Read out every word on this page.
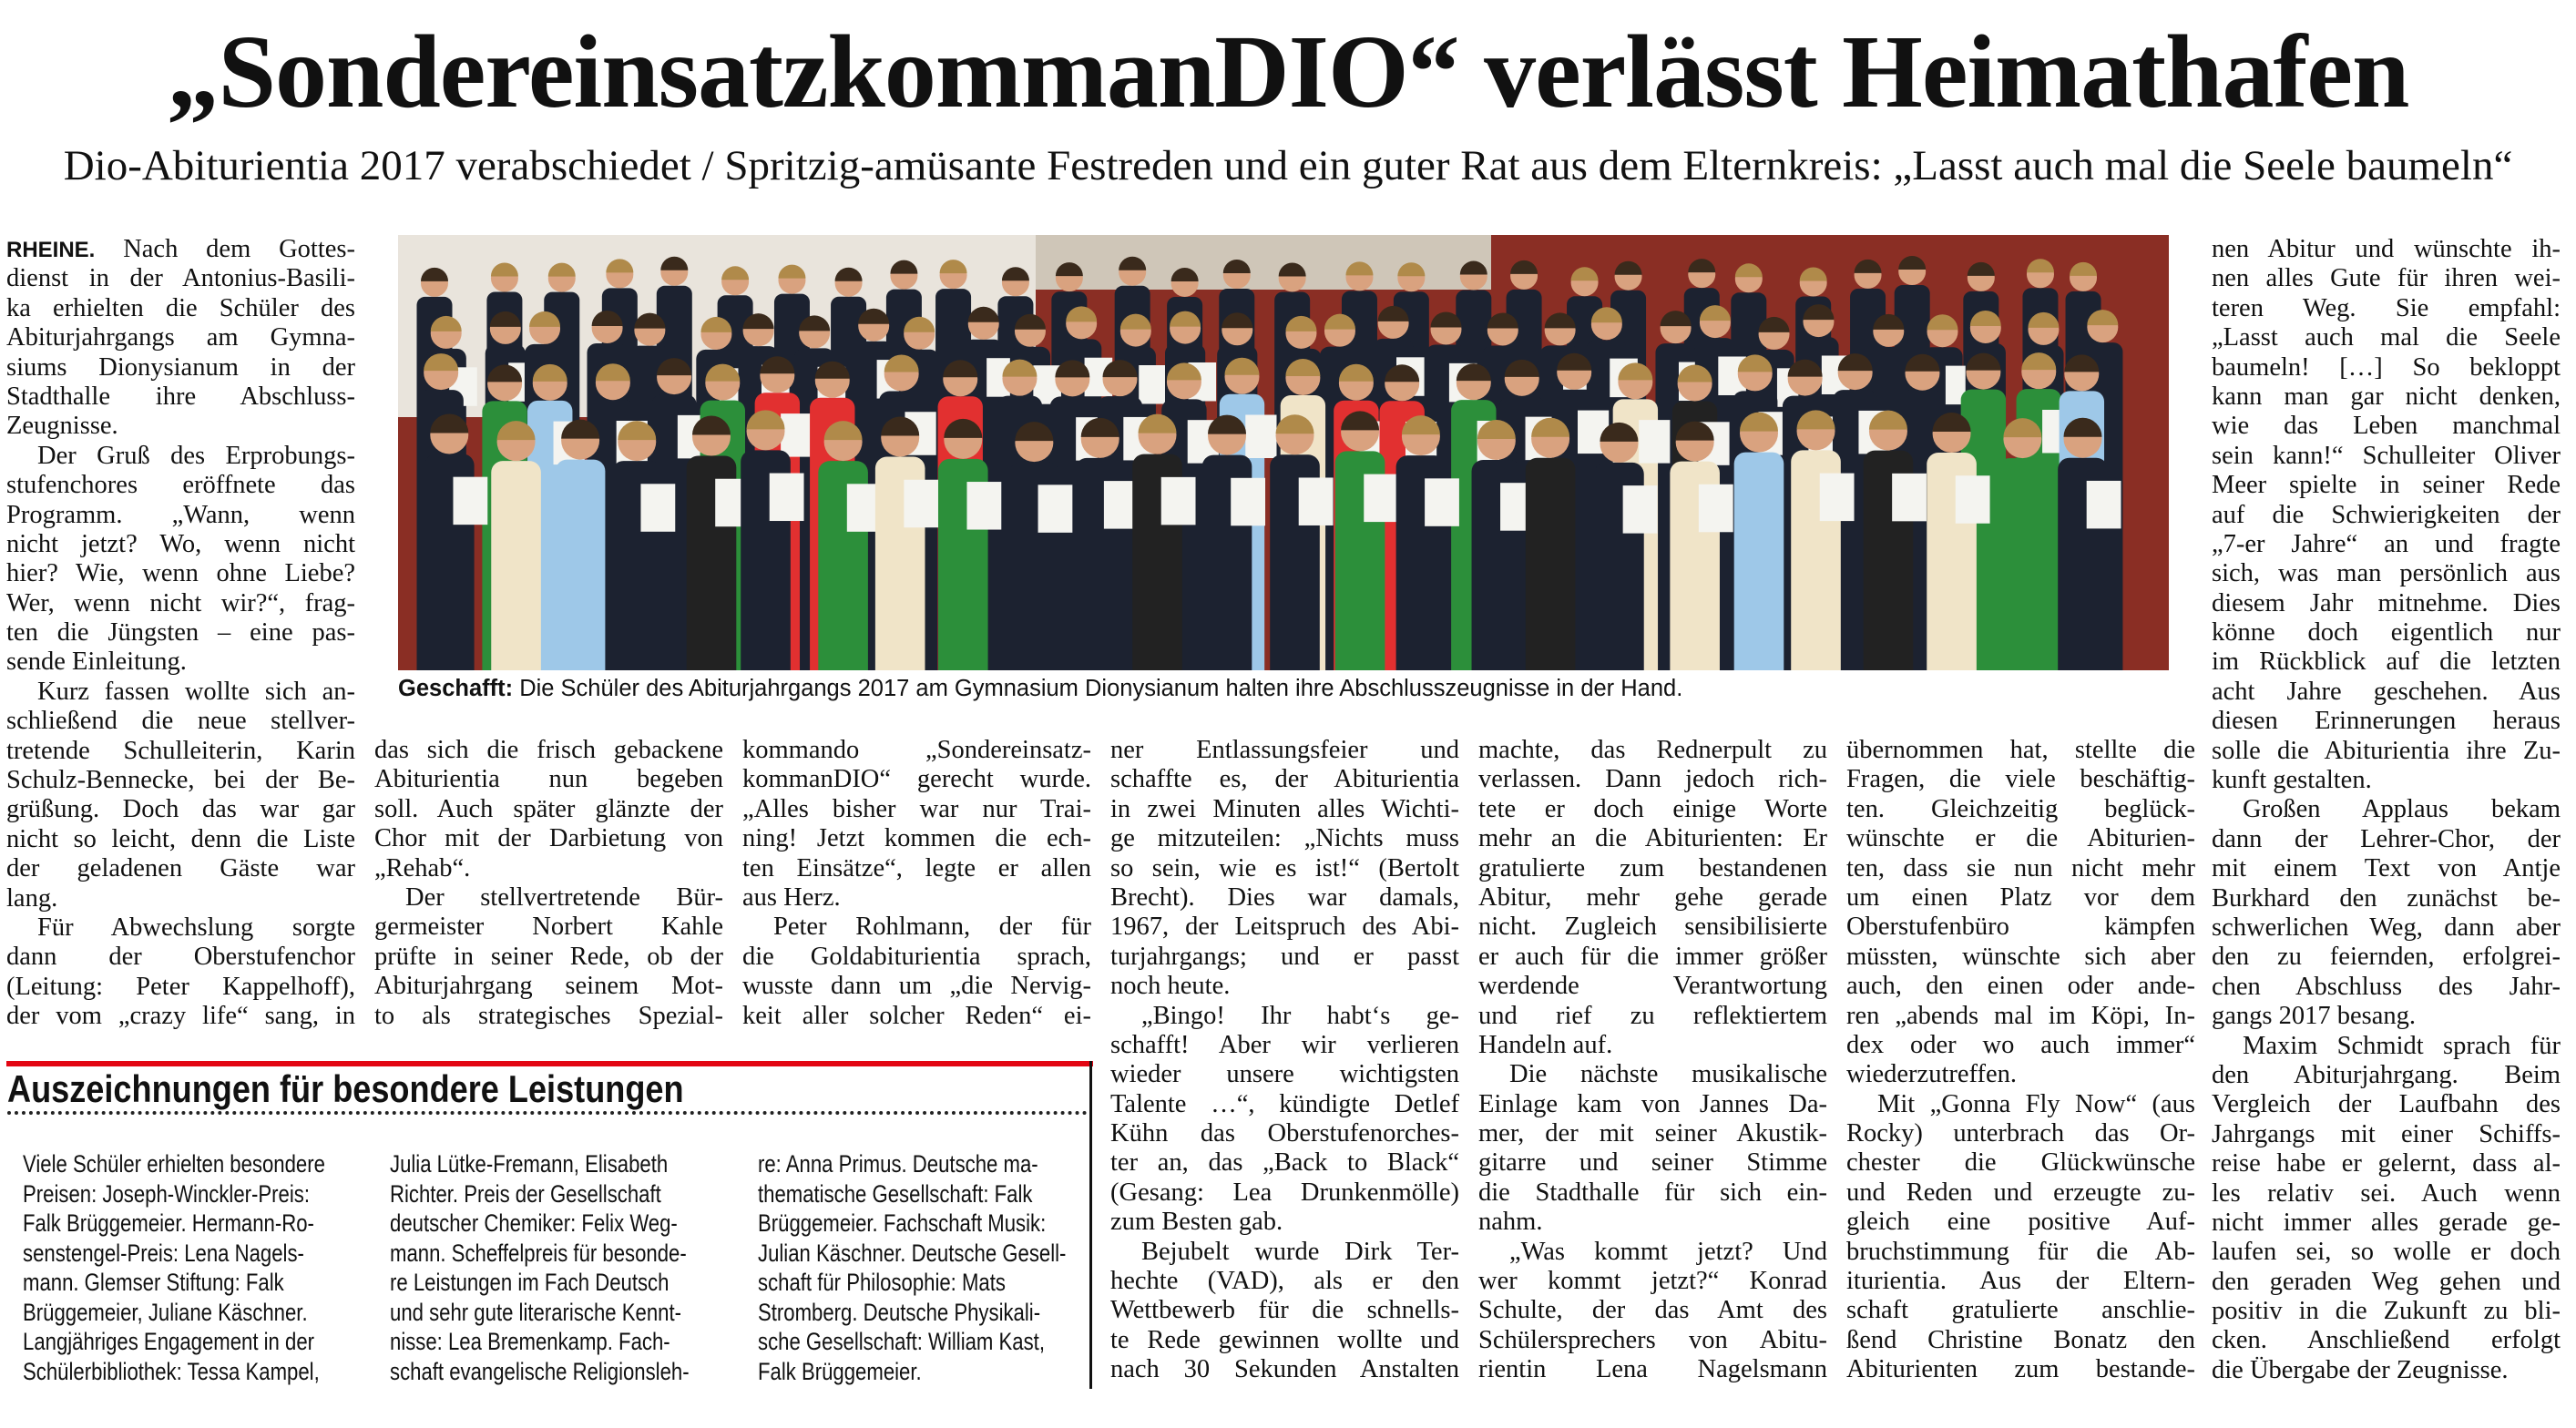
„SondereinsatzkommanDIO“ verlässt Heimathafen
Dio-Abiturientia 2017 verabschiedet / Spritzig-amüsante Festreden und ein guter Rat aus dem Elternkreis: „Lasst auch mal die Seele baumeln“
RHEINE. Nach dem Gottes-
dienst in der Antonius-Basili-
ka erhielten die Schüler des
Abiturjahrgangs am Gymna-
siums Dionysianum in der
Stadthalle ihre Abschluss-
Zeugnisse.
Der Gruß des Erprobungs-
stufenchores eröffnete das
Programm. „Wann, wenn
nicht jetzt? Wo, wenn nicht
hier? Wie, wenn ohne Liebe?
Wer, wenn nicht wir?“, frag-
ten die Jüngsten – eine pas-
sende Einleitung.
Kurz fassen wollte sich an-
schließend die neue stellver-
tretende Schulleiterin, Karin
Schulz-Bennecke, bei der Be-
grüßung. Doch das war gar
nicht so leicht, denn die Liste
der geladenen Gäste war
lang.
Für Abwechslung sorgte
dann der Oberstufenchor
(Leitung: Peter Kappelhoff),
der vom „crazy life“ sang, in
das sich die frisch gebackene
Abiturientia nun begeben
soll. Auch später glänzte der
Chor mit der Darbietung von
„Rehab“.
Der stellvertretende Bür-
germeister Norbert Kahle
prüfte in seiner Rede, ob der
Abiturjahrgang seinem Mot-
to als strategisches Spezial-
kommando „Sondereinsatz-
kommanDIO“ gerecht wurde.
„Alles bisher war nur Trai-
ning! Jetzt kommen die ech-
ten Einsätze“, legte er allen
aus Herz.
Peter Rohlmann, der für
die Goldabiturientia sprach,
wusste dann um „die Nervig-
keit aller solcher Reden“ ei-
ner Entlassungsfeier und
schaffte es, der Abiturientia
in zwei Minuten alles Wichti-
ge mitzuteilen: „Nichts muss
so sein, wie es ist!“ (Bertolt
Brecht). Dies war damals,
1967, der Leitspruch des Abi-
turjahrgangs; und er passt
noch heute.
„Bingo! Ihr habt‘s ge-
schafft! Aber wir verlieren
wieder unsere wichtigsten
Talente …“, kündigte Detlef
Kühn das Oberstufenorches-
ter an, das „Back to Black“
(Gesang: Lea Drunkenmölle)
zum Besten gab.
Bejubelt wurde Dirk Ter-
hechte (VAD), als er den
Wettbewerb für die schnells-
te Rede gewinnen wollte und
nach 30 Sekunden Anstalten
machte, das Rednerpult zu
verlassen. Dann jedoch rich-
tete er doch einige Worte
mehr an die Abiturienten: Er
gratulierte zum bestandenen
Abitur, mehr gehe gerade
nicht. Zugleich sensibilisierte
er auch für die immer größer
werdende Verantwortung
und rief zu reflektiertem
Handeln auf.
Die nächste musikalische
Einlage kam von Jannes Da-
mer, der mit seiner Akustik-
gitarre und seiner Stimme
die Stadthalle für sich ein-
nahm.
„Was kommt jetzt? Und
wer kommt jetzt?“ Konrad
Schulte, der das Amt des
Schülersprechers von Abitu-
rientin Lena Nagelsmann
übernommen hat, stellte die
Fragen, die viele beschäftig-
ten. Gleichzeitig beglück-
wünschte er die Abiturien-
ten, dass sie nun nicht mehr
um einen Platz vor dem
Oberstufenbüro kämpfen
müssten, wünschte sich aber
auch, den einen oder ande-
ren „abends mal im Köpi, In-
dex oder wo auch immer“
wiederzutreffen.
Mit „Gonna Fly Now“ (aus
Rocky) unterbrach das Or-
chester die Glückwünsche
und Reden und erzeugte zu-
gleich eine positive Auf-
bruchstimmung für die Ab-
iturientia. Aus der Eltern-
schaft gratulierte anschlie-
ßend Christine Bonatz den
Abiturienten zum bestande-
nen Abitur und wünschte ih-
nen alles Gute für ihren wei-
teren Weg. Sie empfahl:
„Lasst auch mal die Seele
baumeln! […] So bekloppt
kann man gar nicht denken,
wie das Leben manchmal
sein kann!“ Schulleiter Oliver
Meer spielte in seiner Rede
auf die Schwierigkeiten der
„7-er Jahre“ an und fragte
sich, was man persönlich aus
diesem Jahr mitnehme. Dies
könne doch eigentlich nur
im Rückblick auf die letzten
acht Jahre geschehen. Aus
diesen Erinnerungen heraus
solle die Abiturientia ihre Zu-
kunft gestalten.
Großen Applaus bekam
dann der Lehrer-Chor, der
mit einem Text von Antje
Burkhard den zunächst be-
schwerlichen Weg, dann aber
den zu feiernden, erfolgrei-
chen Abschluss des Jahr-
gangs 2017 besang.
Maxim Schmidt sprach für
den Abiturjahrgang. Beim
Vergleich der Laufbahn des
Jahrgangs mit einer Schiffs-
reise habe er gelernt, dass al-
les relativ sei. Auch wenn
nicht immer alles gerade ge-
laufen sei, so wolle er doch
den geraden Weg gehen und
positiv in die Zukunft zu bli-
cken. Anschließend erfolgt
die Übergabe der Zeugnisse.
Geschafft: Die Schüler des Abiturjahrgangs 2017 am Gymnasium Dionysianum halten ihre Abschlusszeugnisse in der Hand.
Auszeichnungen für besondere Leistungen
Viele Schüler erhielten besondere
Preisen: Joseph-Winckler-Preis:
Falk Brüggemeier. Hermann-Ro-
senstengel-Preis: Lena Nagels-
mann. Glemser Stiftung: Falk
Brüggemeier, Juliane Käschner.
Langjähriges Engagement in der
Schülerbibliothek: Tessa Kampel,
Julia Lütke-Fremann, Elisabeth
Richter. Preis der Gesellschaft
deutscher Chemiker: Felix Weg-
mann. Scheffelpreis für besonde-
re Leistungen im Fach Deutsch
und sehr gute literarische Kennt-
nisse: Lea Bremenkamp. Fach-
schaft evangelische Religionsleh-
re: Anna Primus. Deutsche ma-
thematische Gesellschaft: Falk
Brüggemeier. Fachschaft Musik:
Julian Käschner. Deutsche Gesell-
schaft für Philosophie: Mats
Stromberg. Deutsche Physikali-
sche Gesellschaft: William Kast,
Falk Brüggemeier.
